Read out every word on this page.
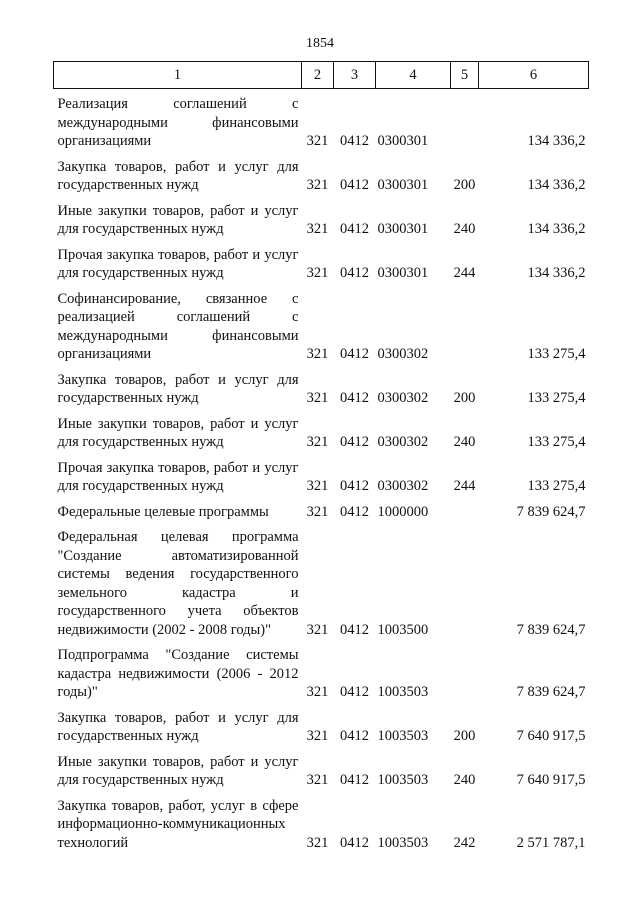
1854
1	2	3	4	5	6
Реализация соглашений с международными финансовыми организациями	321	0412	0300301		134 336,2
Закупка товаров, работ и услуг для государственных нужд	321	0412	0300301	200	134 336,2
Иные закупки товаров, работ и услуг для государственных нужд	321	0412	0300301	240	134 336,2
Прочая закупка товаров, работ и услуг для государственных нужд	321	0412	0300301	244	134 336,2
Софинансирование, связанное с реализацией соглашений с международными финансовыми организациями	321	0412	0300302		133 275,4
Закупка товаров, работ и услуг для государственных нужд	321	0412	0300302	200	133 275,4
Иные закупки товаров, работ и услуг для государственных нужд	321	0412	0300302	240	133 275,4
Прочая закупка товаров, работ и услуг для государственных нужд	321	0412	0300302	244	133 275,4
Федеральные целевые программы	321	0412	1000000		7 839 624,7
Федеральная целевая программа "Создание автоматизированной системы ведения государственного земельного кадастра и государственного учета объектов недвижимости (2002 - 2008 годы)"	321	0412	1003500		7 839 624,7
Подпрограмма "Создание системы кадастра недвижимости (2006 - 2012 годы)"	321	0412	1003503		7 839 624,7
Закупка товаров, работ и услуг для государственных нужд	321	0412	1003503	200	7 640 917,5
Иные закупки товаров, работ и услуг для государственных нужд	321	0412	1003503	240	7 640 917,5
Закупка товаров, работ, услуг в сфере информационно-коммуникационных технологий	321	0412	1003503	242	2 571 787,1
